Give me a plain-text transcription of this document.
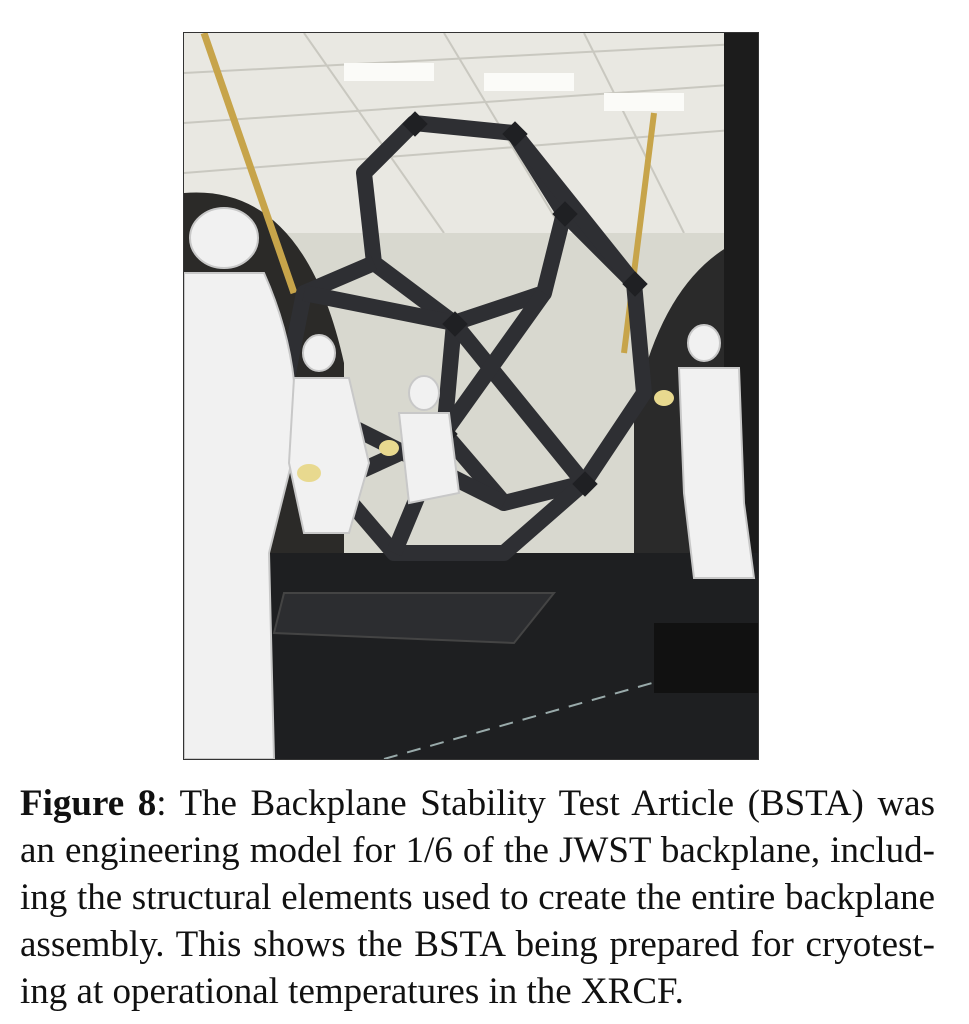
Figure 8: The Backplane Stability Test Article (BSTA) was
an engineering model for 1/6 of the JWST backplane, includ-
ing the structural elements used to create the entire backplane
assembly. This shows the BSTA being prepared for cryotest-
ing at operational temperatures in the XRCF.
